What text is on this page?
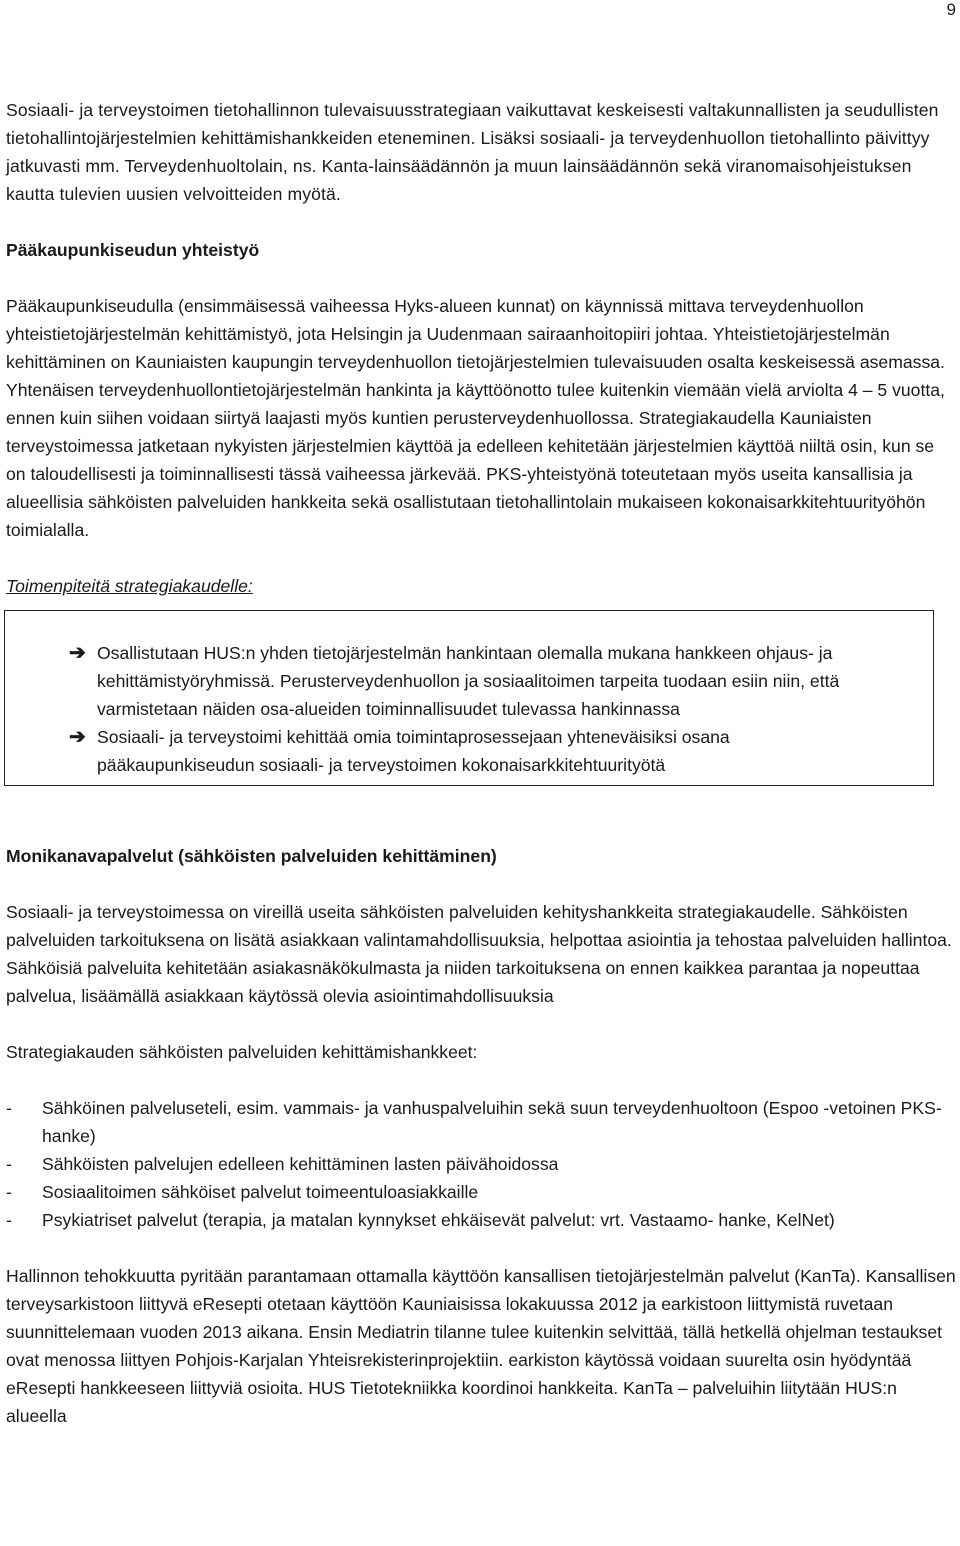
9

Sosiaali- ja terveystoimen tietohallinnon tulevaisuusstrategiaan vaikuttavat keskeisesti valtakunnallisten ja seudullisten tietohallintojärjestelmien kehittämishankkeiden eteneminen. Lisäksi sosiaali- ja terveydenhuollon tietohallinto päivittyy jatkuvasti mm. Terveydenhuoltolain, ns. Kanta-lainsäädännön ja muun lainsäädännön sekä viranomaisohjeistuksen kautta tulevien uusien velvoitteiden myötä.

Pääkaupunkiseudun yhteistyö

Pääkaupunkiseudulla (ensimmäisessä vaiheessa Hyks-alueen kunnat) on käynnissä mittava terveydenhuollon yhteistietojärjestelmän kehittämistyö, jota Helsingin ja Uudenmaan sairaanhoitopiiri johtaa. Yhteistietojärjestelmän kehittäminen on Kauniaisten kaupungin terveydenhuollon tietojärjestelmien tulevaisuuden osalta keskeisessä asemassa. Yhtenäisen terveydenhuollontietojärjestelmän hankinta ja käyttöönotto tulee kuitenkin viemään vielä arviolta 4 – 5 vuotta, ennen kuin siihen voidaan siirtyä laajasti myös kuntien perusterveydenhuollossa. Strategiakaudella Kauniaisten terveystoimessa jatketaan nykyisten järjestelmien käyttöä ja edelleen kehitetään järjestelmien käyttöä niiltä osin, kun se on taloudellisesti ja toiminnallisesti tässä vaiheessa järkevää. PKS-yhteistyönä toteutetaan myös useita kansallisia ja alueellisia sähköisten palveluiden hankkeita sekä osallistutaan tietohallintolain mukaiseen kokonaisarkkitehtuurityöhön toimialalla.

Toimenpiteitä strategiakaudelle:

➔ Osallistutaan HUS:n yhden tietojärjestelmän hankintaan olemalla mukana hankkeen ohjaus- ja kehittämistyöryhmissä. Perusterveydenhuollon ja sosiaalitoimen tarpeita tuodaan esiin niin, että varmistetaan näiden osa-alueiden toiminnallisuudet tulevassa hankinnassa
➔ Sosiaali- ja terveystoimi kehittää omia toimintaprosessejaan yhteneväisiksi osana pääkaupunkiseudun sosiaali- ja terveystoimen kokonaisarkkitehtuurityötä

Monikanavapalvelut (sähköisten palveluiden kehittäminen)

Sosiaali- ja terveystoimessa on vireillä useita sähköisten palveluiden kehityshankkeita strategiakaudelle. Sähköisten palveluiden tarkoituksena on lisätä asiakkaan valintamahdollisuuksia, helpottaa asiointia ja tehostaa palveluiden hallintoa. Sähköisiä palveluita kehitetään asiakasnäkökulmasta ja niiden tarkoituksena on ennen kaikkea parantaa ja nopeuttaa palvelua, lisäämällä asiakkaan käytössä olevia asiointimahdollisuuksia

Strategiakauden sähköisten palveluiden kehittämishankkeet:

-	Sähköinen palveluseteli, esim. vammais- ja vanhuspalveluihin sekä suun terveydenhuoltoon (Espoo -vetoinen PKS- hanke)
-	Sähköisten palvelujen edelleen kehittäminen lasten päivähoidossa
-	Sosiaalitoimen sähköiset palvelut toimeentuloasiakkaille
-	Psykiatriset palvelut (terapia, ja matalan kynnykset ehkäisevät palvelut: vrt. Vastaamo- hanke, KelNet)

Hallinnon tehokkuutta pyritään parantamaan ottamalla käyttöön kansallisen tietojärjestelmän palvelut (KanTa). Kansallisen terveysarkistoon liittyvä eResepti otetaan käyttöön Kauniaisissa lokakuussa 2012 ja earkistoon liittymistä ruvetaan suunnittelemaan vuoden 2013 aikana. Ensin Mediatrin tilanne tulee kuitenkin selvittää, tällä hetkellä ohjelman testaukset ovat menossa liittyen Pohjois-Karjalan Yhteisrekisterinprojektiin. earkiston käytössä voidaan suurelta osin hyödyntää eResepti hankkeeseen liittyviä osioita. HUS Tietotekniikka koordinoi hankkeita. KanTa – palveluihin liitytään HUS:n alueella
